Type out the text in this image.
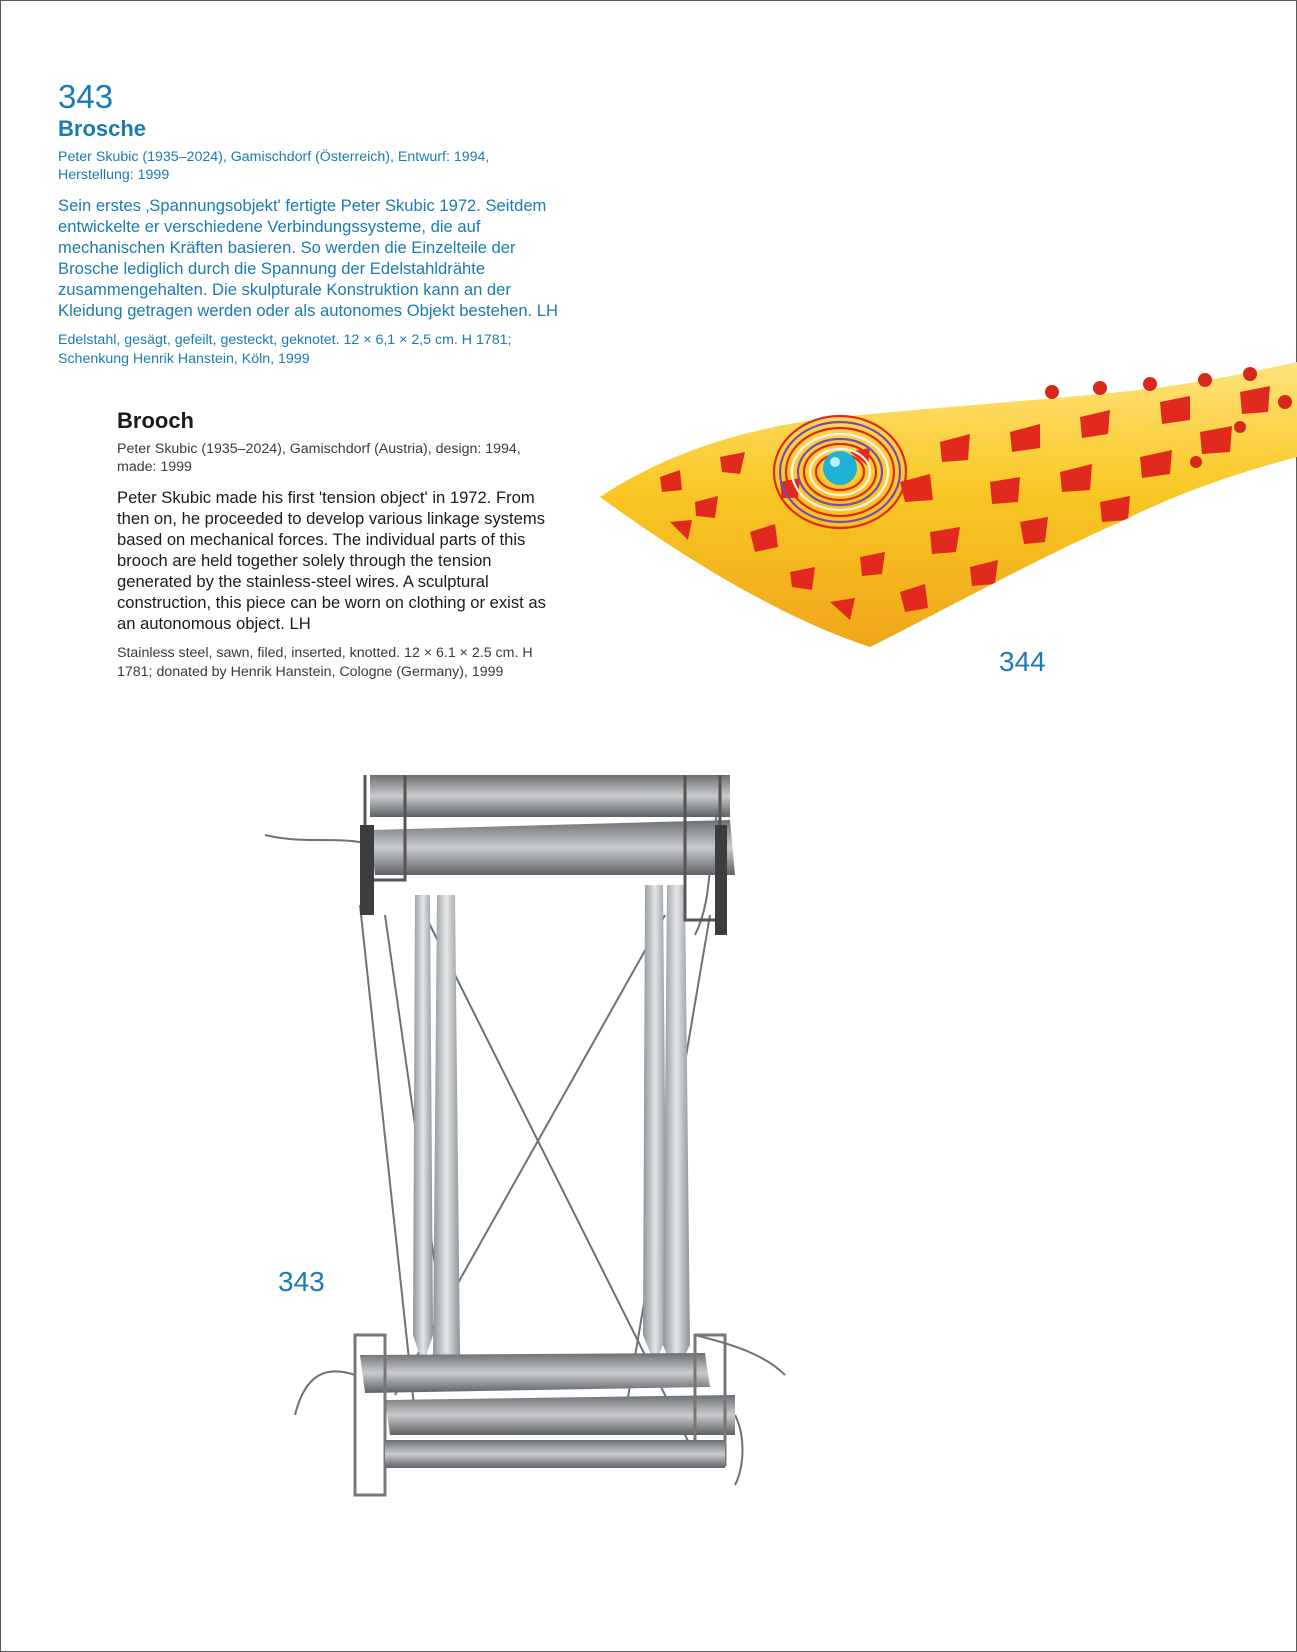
343
Brosche
Peter Skubic (1935–2024), Gamischdorf (Österreich), Entwurf: 1994, Herstellung: 1999
Sein erstes ‚Spannungsobjekt' fertigte Peter Skubic 1972. Seitdem entwickelte er verschiedene Verbindungssysteme, die auf mechanischen Kräften basieren. So werden die Einzelteile der Brosche lediglich durch die Spannung der Edelstahldrähte zusammengehalten. Die skulpturale Konstruktion kann an der Kleidung getragen werden oder als autonomes Objekt bestehen. LH
Edelstahl, gesägt, gefeilt, gesteckt, geknotet. 12 × 6,1 × 2,5 cm. H 1781; Schenkung Henrik Hanstein, Köln, 1999
Brooch
Peter Skubic (1935–2024), Gamischdorf (Austria), design: 1994, made: 1999
Peter Skubic made his first 'tension object' in 1972. From then on, he proceeded to develop various linkage systems based on mechanical forces. The individual parts of this brooch are held together solely through the tension generated by the stainless-steel wires. A sculptural construction, this piece can be worn on clothing or exist as an autonomous object. LH
Stainless steel, sawn, filed, inserted, knotted. 12 × 6.1 × 2.5 cm. H 1781; donated by Henrik Hanstein, Cologne (Germany), 1999	344
343
